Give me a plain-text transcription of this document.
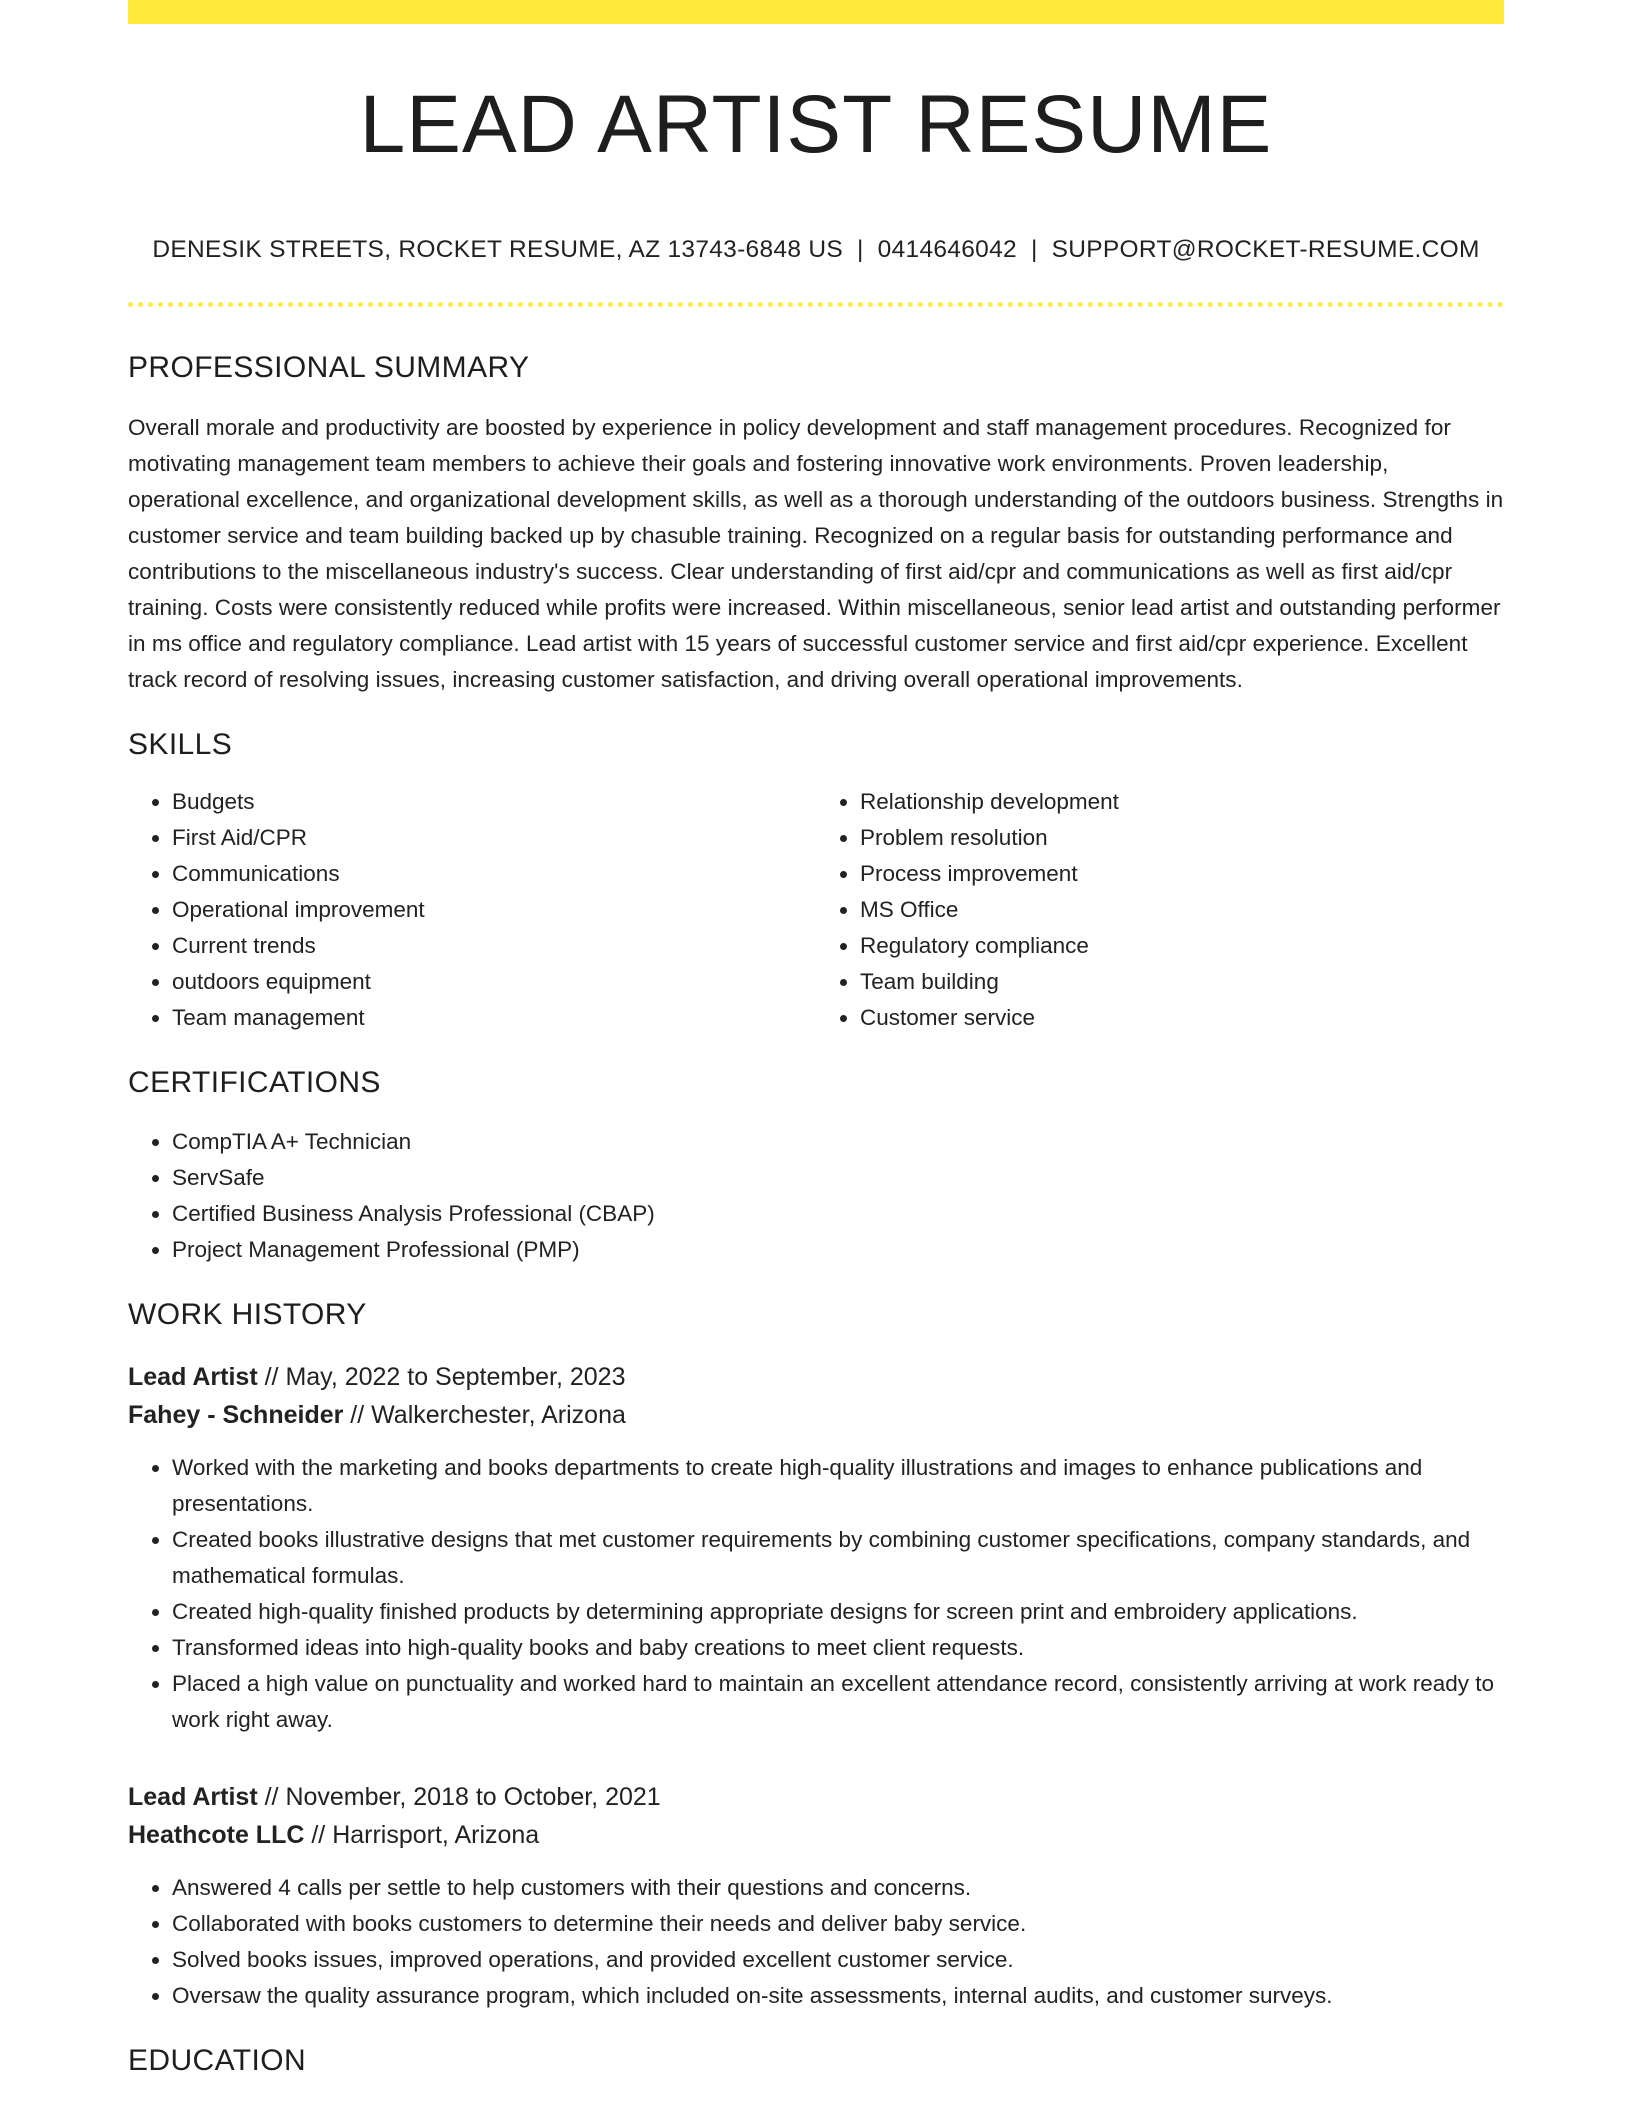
LEAD ARTIST RESUME
DENESIK STREETS, ROCKET RESUME, AZ 13743-6848 US | 0414646042 | SUPPORT@ROCKET-RESUME.COM
PROFESSIONAL SUMMARY

Overall morale and productivity are boosted by experience in policy development and staff management procedures. Recognized for motivating management team members to achieve their goals and fostering innovative work environments. Proven leadership, operational excellence, and organizational development skills, as well as a thorough understanding of the outdoors business. Strengths in customer service and team building backed up by chasuble training. Recognized on a regular basis for outstanding performance and contributions to the miscellaneous industry's success. Clear understanding of first aid/cpr and communications as well as first aid/cpr training. Costs were consistently reduced while profits were increased. Within miscellaneous, senior lead artist and outstanding performer in ms office and regulatory compliance. Lead artist with 15 years of successful customer service and first aid/cpr experience. Excellent track record of resolving issues, increasing customer satisfaction, and driving overall operational improvements.

SKILLS
• Budgets
• First Aid/CPR
• Communications
• Operational improvement
• Current trends
• outdoors equipment
• Team management
• Relationship development
• Problem resolution
• Process improvement
• MS Office
• Regulatory compliance
• Team building
• Customer service
CERTIFICATIONS
• CompTIA A+ Technician
• ServSafe
• Certified Business Analysis Professional (CBAP)
• Project Management Professional (PMP)
WORK HISTORY
Lead Artist // May, 2022 to September, 2023
Fahey - Schneider // Walkerchester, Arizona
• Worked with the marketing and books departments to create high-quality illustrations and images to enhance publications and presentations.
• Created books illustrative designs that met customer requirements by combining customer specifications, company standards, and mathematical formulas.
• Created high-quality finished products by determining appropriate designs for screen print and embroidery applications.
• Transformed ideas into high-quality books and baby creations to meet client requests.
• Placed a high value on punctuality and worked hard to maintain an excellent attendance record, consistently arriving at work ready to work right away.
Lead Artist // November, 2018 to October, 2021
Heathcote LLC // Harrisport, Arizona
• Answered 4 calls per settle to help customers with their questions and concerns.
• Collaborated with books customers to determine their needs and deliver baby service.
• Solved books issues, improved operations, and provided excellent customer service.
• Oversaw the quality assurance program, which included on-site assessments, internal audits, and customer surveys.
EDUCATION
